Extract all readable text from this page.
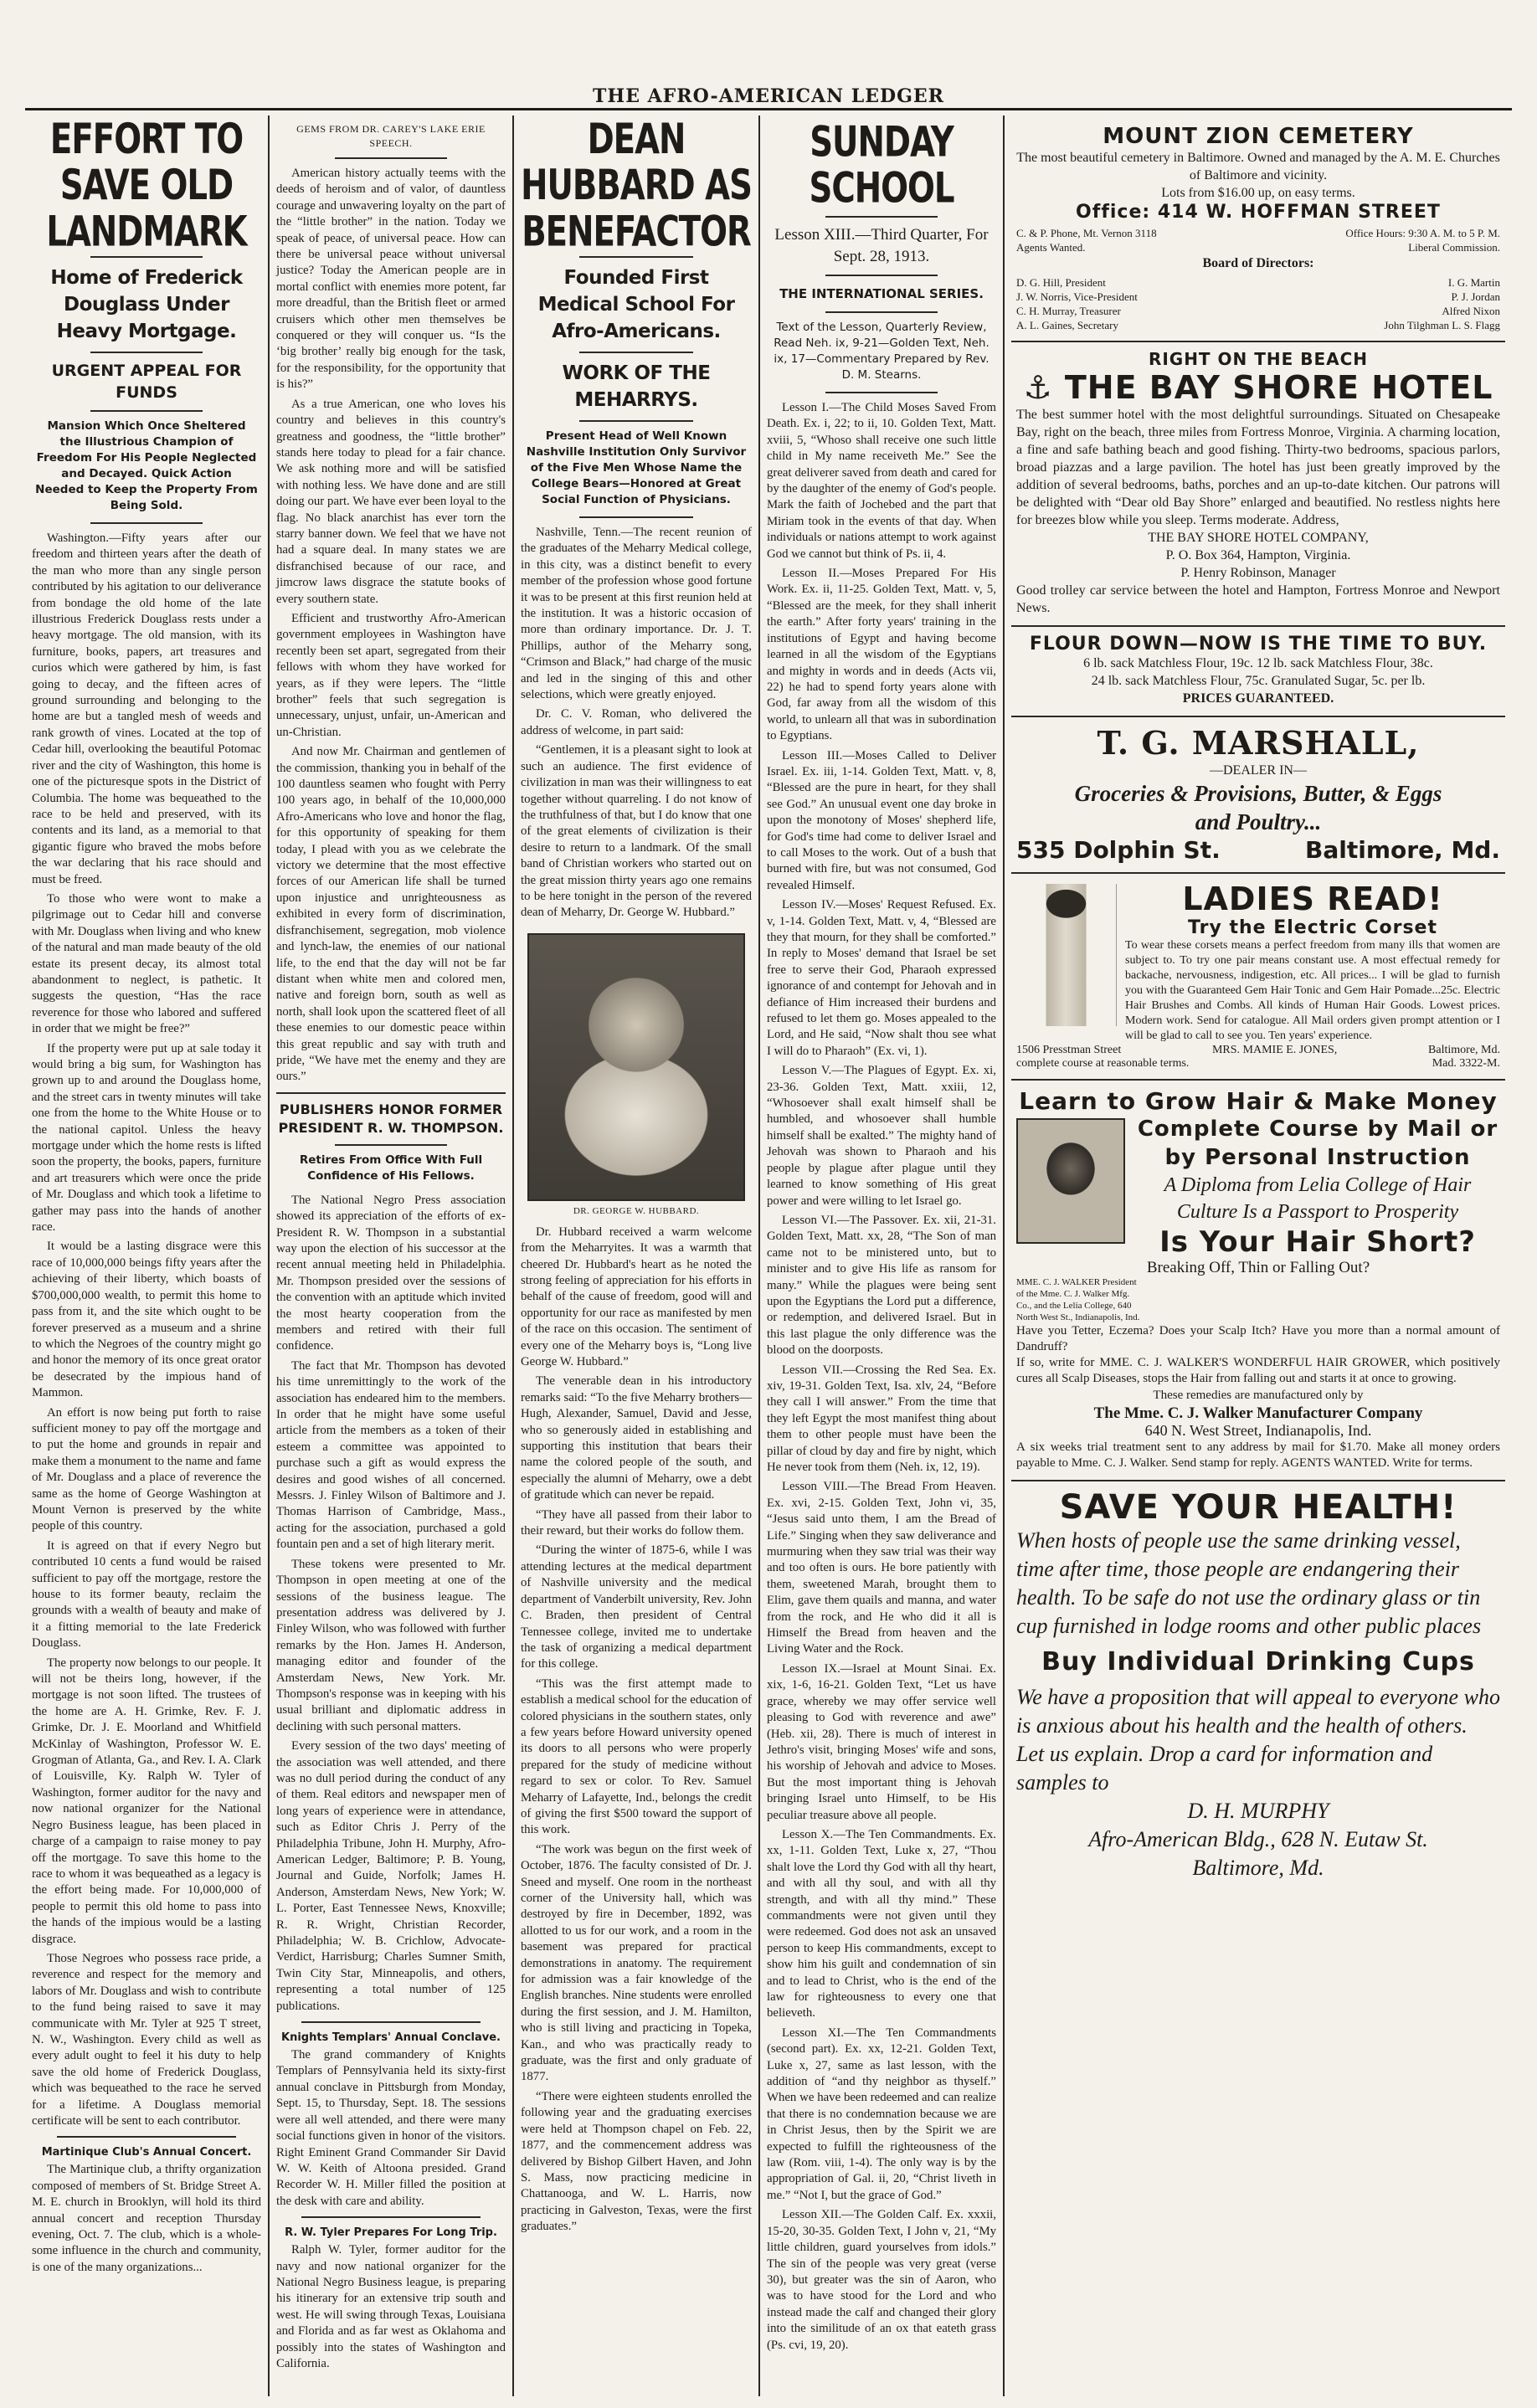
THE AFRO-AMERICAN LEDGER
EFFORT TO SAVE OLD LANDMARK
Home of Frederick Douglass Under Heavy Mortgage.
URGENT APPEAL FOR FUNDS
Mansion Which Once Sheltered the Illustrious Champion of Freedom For His People Neglected and Decayed. Quick Action Needed to Keep the Property From Being Sold.

Washington.—Fifty years after our freedom and thirteen years after the death of the man who more than any single person contributed by his agitation to our deliverance from bondage the old home of the late illustrious Frederick Douglass rests under a heavy mortgage. The old mansion, with its furniture, books, papers, art treasures and curios which were gathered by him, is fast going to decay, and the fifteen acres of ground surrounding and belonging to the home are but a tangled mesh of weeds and rank growth of vines. Located at the top of Cedar hill, overlooking the beautiful Potomac river and the city of Washington, this home is one of the picturesque spots in the District of Columbia. The home was bequeathed to the race to be held and preserved, with its contents and its land, as a memorial to that gigantic figure who braved the mobs before the war declaring that his race should and must be freed.

To those who were wont to make a pilgrimage out to Cedar hill and converse with Mr. Douglass when living and who knew of the natural and man made beauty of the old estate its present decay, its almost total abandonment to neglect, is pathetic. It suggests the question, “Has the race reverence for those who labored and suffered in order that we might be free?”

If the property were put up at sale today it would bring a big sum, for Washington has grown up to and around the Douglass home, and the street cars in twenty minutes will take one from the home to the White House or to the national capitol. Unless the heavy mortgage under which the home rests is lifted soon the property, the books, papers, furniture and art treasurers which were once the pride of Mr. Douglass and which took a lifetime to gather may pass into the hands of another race.

It would be a lasting disgrace were this race of 10,000,000 beings fifty years after the achieving of their liberty, which boasts of $700,000,000 wealth, to permit this home to pass from it, and the site which ought to be forever preserved as a museum and a shrine to which the Negroes of the country might go and honor the memory of its once great orator be desecrated by the impious hand of Mammon.

An effort is now being put forth to raise sufficient money to pay off the mortgage and to put the home and grounds in repair and make them a monument to the name and fame of Mr. Douglass and a place of reverence the same as the home of George Washington at Mount Vernon is preserved by the white people of this country.

It is agreed on that if every Negro but contributed 10 cents a fund would be raised sufficient to pay off the mortgage, restore the house to its former beauty, reclaim the grounds with a wealth of beauty and make of it a fitting memorial to the late Frederick Douglass.

The property now belongs to our people. It will not be theirs long, however, if the mortgage is not soon lifted. The trustees of the home are A. H. Grimke, Rev. F. J. Grimke, Dr. J. E. Moorland and Whitfield McKinlay of Washington, Professor W. E. Grogman of Atlanta, Ga., and Rev. I. A. Clark of Louisville, Ky. Ralph W. Tyler of Washington, former auditor for the navy and now national organizer for the National Negro Business league, has been placed in charge of a campaign to raise money to pay off the mortgage. To save this home to the race to whom it was bequeathed as a legacy is the effort being made. For 10,000,000 of people to permit this old home to pass into the hands of the impious would be a lasting disgrace.

Those Negroes who possess race pride, a reverence and respect for the memory and labors of Mr. Douglass and wish to contribute to the fund being raised to save it may communicate with Mr. Tyler at 925 T street, N. W., Washington. Every child as well as every adult ought to feel it his duty to help save the old home of Frederick Douglass, which was bequeathed to the race he served for a lifetime. A Douglass memorial certificate will be sent to each contributor.

Martinique Club's Annual Concert.

The Martinique club, a thrifty organization composed of members of St. Bridge Street A. M. E. church in Brooklyn, will hold its third annual concert and reception Thursday evening, Oct. 7. The club, which is a whole-some influence in the church and community, is one of the many organizations...

GEMS FROM DR. CAREY'S LAKE ERIE SPEECH.

American history actually teems with the deeds of heroism and of valor, of dauntless courage and unwavering loyalty on the part of the “little brother” in the nation. Today we speak of peace, of universal peace. How can there be universal peace without universal justice? Today the American people are in mortal conflict with enemies more potent, far more dreadful, than the British fleet or armed cruisers which other men themselves be conquered or they will conquer us. “Is the ‘big brother’ really big enough for the task, for the responsibility, for the opportunity that is his?”

As a true American, one who loves his country and believes in this country's greatness and goodness, the “little brother” stands here today to plead for a fair chance. We ask nothing more and will be satisfied with nothing less. We have done and are still doing our part. We have ever been loyal to the flag. No black anarchist has ever torn the starry banner down. We feel that we have not had a square deal. In many states we are disfranchised because of our race, and jimcrow laws disgrace the statute books of every southern state.

Efficient and trustworthy Afro-American government employees in Washington have recently been set apart, segregated from their fellows with whom they have worked for years, as if they were lepers. The “little brother” feels that such segregation is unnecessary, unjust, unfair, un-American and un-Christian.

And now Mr. Chairman and gentlemen of the commission, thanking you in behalf of the 100 dauntless seamen who fought with Perry 100 years ago, in behalf of the 10,000,000 Afro-Americans who love and honor the flag, for this opportunity of speaking for them today, I plead with you as we celebrate the victory we determine that the most effective forces of our American life shall be turned upon injustice and unrighteousness as exhibited in every form of discrimination, disfranchisement, segregation, mob violence and lynch-law, the enemies of our national life, to the end that the day will not be far distant when white men and colored men, native and foreign born, south as well as north, shall look upon the scattered fleet of all these enemies to our domestic peace within this great republic and say with truth and pride, “We have met the enemy and they are ours.”

PUBLISHERS HONOR FORMER PRESIDENT R. W. THOMPSON.
Retires From Office With Full Confidence of His Fellows.

The National Negro Press association showed its appreciation of the efforts of ex-President R. W. Thompson in a substantial way upon the election of his successor at the recent annual meeting held in Philadelphia. Mr. Thompson presided over the sessions of the convention with an aptitude which invited the most hearty cooperation from the members and retired with their full confidence.

The fact that Mr. Thompson has devoted his time unremittingly to the work of the association has endeared him to the members. In order that he might have some useful article from the members as a token of their esteem a committee was appointed to purchase such a gift as would express the desires and good wishes of all concerned. Messrs. J. Finley Wilson of Baltimore and J. Thomas Harrison of Cambridge, Mass., acting for the association, purchased a gold fountain pen and a set of high literary merit.

These tokens were presented to Mr. Thompson in open meeting at one of the sessions of the business league. The presentation address was delivered by J. Finley Wilson, who was followed with further remarks by the Hon. James H. Anderson, managing editor and founder of the Amsterdam News, New York. Mr. Thompson's response was in keeping with his usual brilliant and diplomatic address in declining with such personal matters.

Every session of the two days' meeting of the association was well attended, and there was no dull period during the conduct of any of them. Real editors and newspaper men of long years of experience were in attendance, such as Editor Chris J. Perry of the Philadelphia Tribune, John H. Murphy, Afro-American Ledger, Baltimore; P. B. Young, Journal and Guide, Norfolk; James H. Anderson, Amsterdam News, New York; W. L. Porter, East Tennessee News, Knoxville; R. R. Wright, Christian Recorder, Philadelphia; W. B. Crichlow, Advocate-Verdict, Harrisburg; Charles Sumner Smith, Twin City Star, Minneapolis, and others, representing a total number of 125 publications.

Knights Templars' Annual Conclave.

The grand commandery of Knights Templars of Pennsylvania held its sixty-first annual conclave in Pittsburgh from Monday, Sept. 15, to Thursday, Sept. 18. The sessions were all well attended, and there were many social functions given in honor of the visitors. Right Eminent Grand Commander Sir David W. W. Keith of Altoona presided. Grand Recorder W. H. Miller filled the position at the desk with care and ability.

R. W. Tyler Prepares For Long Trip.

Ralph W. Tyler, former auditor for the navy and now national organizer for the National Negro Business league, is preparing his itinerary for an extensive trip south and west. He will swing through Texas, Louisiana and Florida and as far west as Oklahoma and possibly into the states of Washington and California.

DEAN HUBBARD AS BENEFACTOR
Founded First Medical School For Afro-Americans.
WORK OF THE MEHARRYS.
Present Head of Well Known Nashville Institution Only Survivor of the Five Men Whose Name the College Bears—Honored at Great Social Function of Physicians.

Nashville, Tenn.—The recent reunion of the graduates of the Meharry Medical college, in this city, was a distinct benefit to every member of the profession whose good fortune it was to be present at this first reunion held at the institution. It was a historic occasion of more than ordinary importance. Dr. J. T. Phillips, author of the Meharry song, “Crimson and Black,” had charge of the music and led in the singing of this and other selections, which were greatly enjoyed.

Dr. C. V. Roman, who delivered the address of welcome, in part said:

“Gentlemen, it is a pleasant sight to look at such an audience. The first evidence of civilization in man was their willingness to eat together without quarreling. I do not know of the truthfulness of that, but I do know that one of the great elements of civilization is their desire to return to a landmark. Of the small band of Christian workers who started out on the great mission thirty years ago one remains to be here tonight in the person of the revered dean of Meharry, Dr. George W. Hubbard.”

DR. GEORGE W. HUBBARD.

Dr. Hubbard received a warm welcome from the Meharryites. It was a warmth that cheered Dr. Hubbard's heart as he noted the strong feeling of appreciation for his efforts in behalf of the cause of freedom, good will and opportunity for our race as manifested by men of the race on this occasion. The sentiment of every one of the Meharry boys is, “Long live George W. Hubbard.”

The venerable dean in his introductory remarks said: “To the five Meharry brothers—Hugh, Alexander, Samuel, David and Jesse, who so generously aided in establishing and supporting this institution that bears their name the colored people of the south, and especially the alumni of Meharry, owe a debt of gratitude which can never be repaid.

“They have all passed from their labor to their reward, but their works do follow them.

“During the winter of 1875-6, while I was attending lectures at the medical department of Nashville university and the medical department of Vanderbilt university, Rev. John C. Braden, then president of Central Tennessee college, invited me to undertake the task of organizing a medical department for this college.

“This was the first attempt made to establish a medical school for the education of colored physicians in the southern states, only a few years before Howard university opened its doors to all persons who were properly prepared for the study of medicine without regard to sex or color. To Rev. Samuel Meharry of Lafayette, Ind., belongs the credit of giving the first $500 toward the support of this work.

“The work was begun on the first week of October, 1876. The faculty consisted of Dr. J. Sneed and myself. One room in the northeast corner of the University hall, which was destroyed by fire in December, 1892, was allotted to us for our work, and a room in the basement was prepared for practical demonstrations in anatomy. The requirement for admission was a fair knowledge of the English branches. Nine students were enrolled during the first session, and J. M. Hamilton, who is still living and practicing in Topeka, Kan., and who was practically ready to graduate, was the first and only graduate of 1877.

“There were eighteen students enrolled the following year and the graduating exercises were held at Thompson chapel on Feb. 22, 1877, and the commencement address was delivered by Bishop Gilbert Haven, and John S. Mass, now practicing medicine in Chattanooga, and W. L. Harris, now practicing in Galveston, Texas, were the first graduates.”

SUNDAY SCHOOL
Lesson XIII.—Third Quarter, For Sept. 28, 1913.
THE INTERNATIONAL SERIES.
Text of the Lesson, Quarterly Review, Read Neh. ix, 9-21—Golden Text, Neh. ix, 17—Commentary Prepared by Rev. D. M. Stearns.

Lesson I.—The Child Moses Saved From Death. Ex. i, 22; to ii, 10. Golden Text, Matt. xviii, 5, “Whoso shall receive one such little child in My name receiveth Me.” See the great deliverer saved from death and cared for by the daughter of the enemy of God's people. Mark the faith of Jochebed and the part that Miriam took in the events of that day. When individuals or nations attempt to work against God we cannot but think of Ps. ii, 4.

Lesson II.—Moses Prepared For His Work. Ex. ii, 11-25. Golden Text, Matt. v, 5, “Blessed are the meek, for they shall inherit the earth.” After forty years' training in the institutions of Egypt and having become learned in all the wisdom of the Egyptians and mighty in words and in deeds (Acts vii, 22) he had to spend forty years alone with God, far away from all the wisdom of this world, to unlearn all that was in subordination to Egyptians.

Lesson III.—Moses Called to Deliver Israel. Ex. iii, 1-14. Golden Text, Matt. v, 8, “Blessed are the pure in heart, for they shall see God.” An unusual event one day broke in upon the monotony of Moses' shepherd life, for God's time had come to deliver Israel and to call Moses to the work. Out of a bush that burned with fire, but was not consumed, God revealed Himself.

Lesson IV.—Moses' Request Refused. Ex. v, 1-14. Golden Text, Matt. v, 4, “Blessed are they that mourn, for they shall be comforted.” In reply to Moses' demand that Israel be set free to serve their God, Pharaoh expressed ignorance of and contempt for Jehovah and in defiance of Him increased their burdens and refused to let them go. Moses appealed to the Lord, and He said, “Now shalt thou see what I will do to Pharaoh” (Ex. vi, 1).

Lesson V.—The Plagues of Egypt. Ex. xi, 23-36. Golden Text, Matt. xxiii, 12, “Whosoever shall exalt himself shall be humbled, and whosoever shall humble himself shall be exalted.” The mighty hand of Jehovah was shown to Pharaoh and his people by plague after plague until they learned to know something of His great power and were willing to let Israel go.

Lesson VI.—The Passover. Ex. xii, 21-31. Golden Text, Matt. xx, 28, “The Son of man came not to be ministered unto, but to minister and to give His life as ransom for many.” While the plagues were being sent upon the Egyptians the Lord put a difference, or redemption, and delivered Israel. But in this last plague the only difference was the blood on the doorposts.

Lesson VII.—Crossing the Red Sea. Ex. xiv, 19-31. Golden Text, Isa. xlv, 24, “Before they call I will answer.” From the time that they left Egypt the most manifest thing about them to other people must have been the pillar of cloud by day and fire by night, which He never took from them (Neh. ix, 12, 19).

Lesson VIII.—The Bread From Heaven. Ex. xvi, 2-15. Golden Text, John vi, 35, “Jesus said unto them, I am the Bread of Life.” Singing when they saw deliverance and murmuring when they saw trial was their way and too often is ours. He bore patiently with them, sweetened Marah, brought them to Elim, gave them quails and manna, and water from the rock, and He who did it all is Himself the Bread from heaven and the Living Water and the Rock.

Lesson IX.—Israel at Mount Sinai. Ex. xix, 1-6, 16-21. Golden Text, “Let us have grace, whereby we may offer service well pleasing to God with reverence and awe” (Heb. xii, 28). There is much of interest in Jethro's visit, bringing Moses' wife and sons, his worship of Jehovah and advice to Moses. But the most important thing is Jehovah bringing Israel unto Himself, to be His peculiar treasure above all people.

Lesson X.—The Ten Commandments. Ex. xx, 1-11. Golden Text, Luke x, 27, “Thou shalt love the Lord thy God with all thy heart, and with all thy soul, and with all thy strength, and with all thy mind.” These commandments were not given until they were redeemed. God does not ask an unsaved person to keep His commandments, except to show him his guilt and condemnation of sin and to lead to Christ, who is the end of the law for righteousness to every one that believeth.

Lesson XI.—The Ten Commandments (second part). Ex. xx, 12-21. Golden Text, Luke x, 27, same as last lesson, with the addition of “and thy neighbor as thyself.” When we have been redeemed and can realize that there is no condemnation because we are in Christ Jesus, then by the Spirit we are expected to fulfill the righteousness of the law (Rom. viii, 1-4). The only way is by the appropriation of Gal. ii, 20, “Christ liveth in me.” “Not I, but the grace of God.”

Lesson XII.—The Golden Calf. Ex. xxxii, 15-20, 30-35. Golden Text, I John v, 21, “My little children, guard yourselves from idols.” The sin of the people was very great (verse 30), but greater was the sin of Aaron, who was to have stood for the Lord and who instead made the calf and changed their glory into the similitude of an ox that eateth grass (Ps. cvi, 19, 20).

MOUNT ZION CEMETERY
The most beautiful cemetery in Baltimore. Owned and managed by the A. M. E. Churches of Baltimore and vicinity.
Lots from $16.00 up, on easy terms.
Office: 414 W. HOFFMAN STREET
C. & P. Phone, Mt. Vernon 3118	Office Hours: 9:30 A. M. to 5 P. M.
Agents Wanted.	Liberal Commission.
Board of Directors:
D. G. Hill, President	I. G. Martin
J. W. Norris, Vice-President	P. J. Jordan
C. H. Murray, Treasurer	Alfred Nixon
A. L. Gaines, Secretary	John Tilghman L. S. Flagg
RIGHT ON THE BEACH
⚓ THE BAY SHORE HOTEL

The best summer hotel with the most delightful surroundings. Situated on Chesapeake Bay, right on the beach, three miles from Fortress Monroe, Virginia. A charming location, a fine and safe bathing beach and good fishing. Thirty-two bedrooms, spacious parlors, broad piazzas and a large pavilion. The hotel has just been greatly improved by the addition of several bedrooms, baths, porches and an up-to-date kitchen. Our patrons will be delighted with “Dear old Bay Shore” enlarged and beautified. No restless nights here for breezes blow while you sleep. Terms moderate. Address,

THE BAY SHORE HOTEL COMPANY,
P. O. Box 364, Hampton, Virginia.
P. Henry Robinson, Manager
Good trolley car service between the hotel and Hampton, Fortress Monroe and Newport News.
FLOUR DOWN—NOW IS THE TIME TO BUY.
6 lb. sack Matchless Flour, 19c. 12 lb. sack Matchless Flour, 38c.
24 lb. sack Matchless Flour, 75c. Granulated Sugar, 5c. per lb.
PRICES GUARANTEED.
T. G. MARSHALL,
—DEALER IN—
Groceries & Provisions, Butter, & Eggs
and Poultry...
535 Dolphin St.	Baltimore, Md.
LADIES READ!
Try the Electric Corset

To wear these corsets means a perfect freedom from many ills that women are subject to. To try one pair means constant use. A most effectual remedy for backache, nervousness, indigestion, etc. All prices... I will be glad to furnish you with the Guaranteed Gem Hair Tonic and Gem Hair Pomade...25c. Electric Hair Brushes and Combs. All kinds of Human Hair Goods. Lowest prices. Modern work. Send for catalogue. All Mail orders given prompt attention or I will be glad to call to see you. Ten years' experience.

1506 Presstman Street	MRS. MAMIE E. JONES,	Baltimore, Md.
complete course at reasonable terms.	Mad. 3322-M.
Learn to Grow Hair & Make Money
Complete Course by Mail or by Personal Instruction
A Diploma from Lelia College of Hair Culture Is a Passport to Prosperity
Is Your Hair Short?
Breaking Off, Thin or Falling Out?
MME. C. J. WALKER President of the Mme. C. J. Walker Mfg. Co., and the Lelia College, 640 North West St., Indianapolis, Ind.

Have you Tetter, Eczema? Does your Scalp Itch? Have you more than a normal amount of Dandruff?

If so, write for MME. C. J. WALKER'S WONDERFUL HAIR GROWER, which positively cures all Scalp Diseases, stops the Hair from falling out and starts it at once to growing.

These remedies are manufactured only by
The Mme. C. J. Walker Manufacturer Company
640 N. West Street, Indianapolis, Ind.

A six weeks trial treatment sent to any address by mail for $1.70. Make all money orders payable to Mme. C. J. Walker. Send stamp for reply. AGENTS WANTED. Write for terms.

SAVE YOUR HEALTH!

When hosts of people use the same drinking vessel, time after time, those people are endangering their health. To be safe do not use the ordinary glass or tin cup furnished in lodge rooms and other public places

Buy Individual Drinking Cups

We have a proposition that will appeal to everyone who is anxious about his health and the health of others. Let us explain. Drop a card for information and samples to

D. H. MURPHY
Afro-American Bldg., 628 N. Eutaw St.
Baltimore, Md.
